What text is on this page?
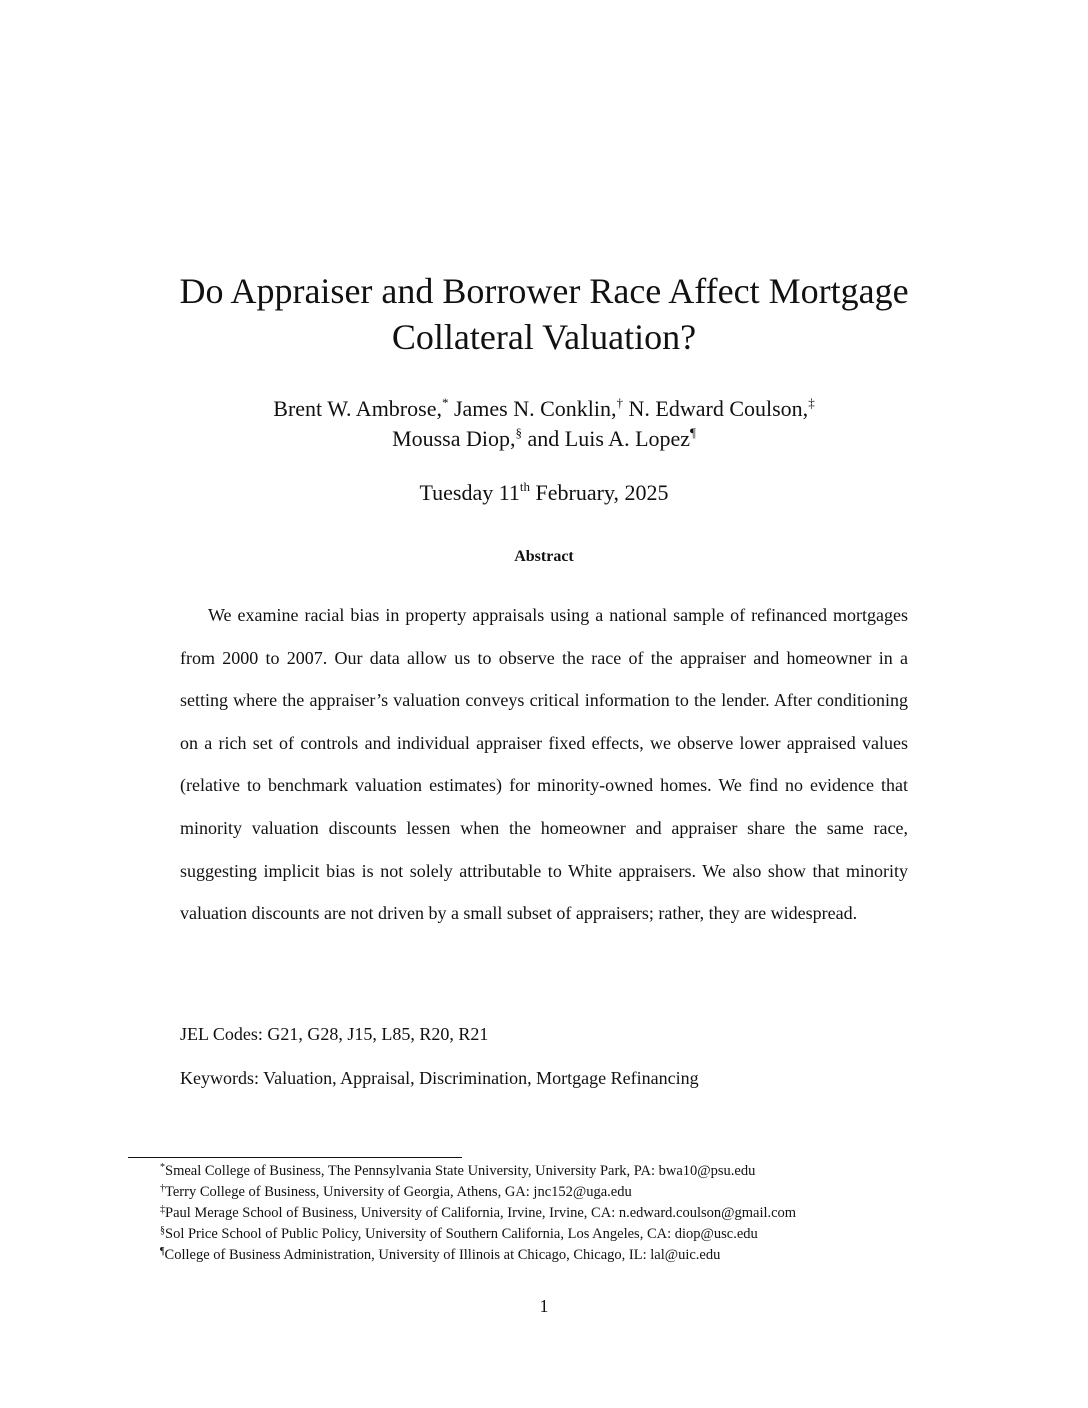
Do Appraiser and Borrower Race Affect Mortgage
Collateral Valuation?
Brent W. Ambrose,* James N. Conklin,† N. Edward Coulson,‡
Moussa Diop,§ and Luis A. Lopez¶
Tuesday 11th February, 2025
Abstract

We examine racial bias in property appraisals using a national sample of refinanced mortgages from 2000 to 2007. Our data allow us to observe the race of the appraiser and homeowner in a setting where the appraiser’s valuation conveys critical information to the lender. After conditioning on a rich set of controls and individual appraiser fixed effects, we observe lower appraised values (relative to benchmark valuation estimates) for minority-owned homes. We find no evidence that minority valuation discounts lessen when the homeowner and appraiser share the same race, suggesting implicit bias is not solely attributable to White appraisers. We also show that minority valuation discounts are not driven by a small subset of appraisers; rather, they are widespread.

JEL Codes: G21, G28, J15, L85, R20, R21
Keywords: Valuation, Appraisal, Discrimination, Mortgage Refinancing
*Smeal College of Business, The Pennsylvania State University, University Park, PA: bwa10@psu.edu
†Terry College of Business, University of Georgia, Athens, GA: jnc152@uga.edu
‡Paul Merage School of Business, University of California, Irvine, Irvine, CA: n.edward.coulson@gmail.com
§Sol Price School of Public Policy, University of Southern California, Los Angeles, CA: diop@usc.edu
¶College of Business Administration, University of Illinois at Chicago, Chicago, IL: lal@uic.edu
1
